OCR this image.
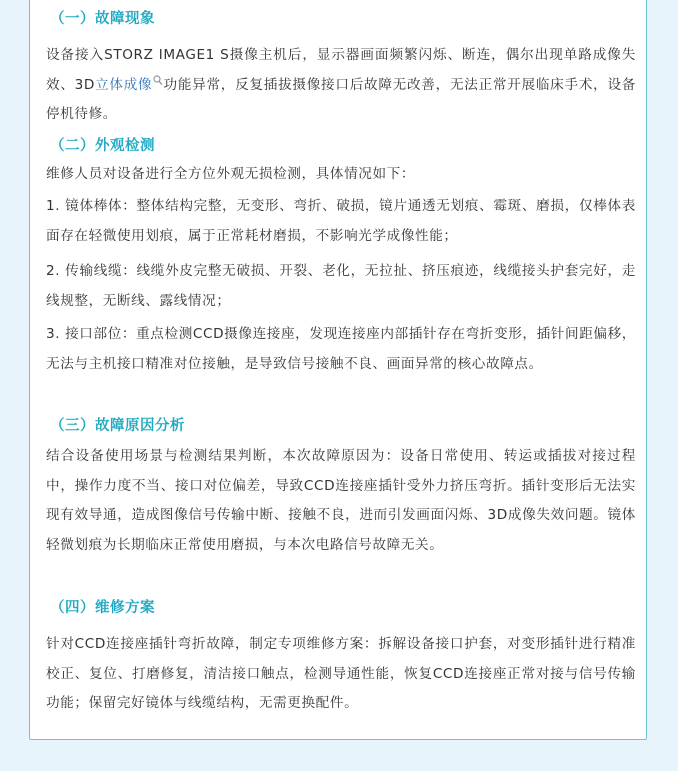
（一）故障现象

设备接入STORZ IMAGE1 S摄像主机后，显示器画面频繁闪烁、断连，偶尔出现单路成像失效、3D立体成像 功能异常，反复插拔摄像接口后故障无改善，无法正常开展临床手术，设备停机待修。

（二）外观检测

维修人员对设备进行全方位外观无损检测，具体情况如下：

1. 镜体棒体：整体结构完整，无变形、弯折、破损，镜片通透无划痕、霉斑、磨损，仅棒体表面存在轻微使用划痕，属于正常耗材磨损，不影响光学成像性能；

2. 传输线缆：线缆外皮完整无破损、开裂、老化，无拉扯、挤压痕迹，线缆接头护套完好，走线规整，无断线、露线情况；

3. 接口部位：重点检测CCD摄像连接座，发现连接座内部插针存在弯折变形，插针间距偏移，无法与主机接口精准对位接触，是导致信号接触不良、画面异常的核心故障点。

（三）故障原因分析

结合设备使用场景与检测结果判断，本次故障原因为：设备日常使用、转运或插拔对接过程中，操作力度不当、接口对位偏差，导致CCD连接座插针受外力挤压弯折。插针变形后无法实现有效导通，造成图像信号传输中断、接触不良，进而引发画面闪烁、3D成像失效问题。镜体轻微划痕为长期临床正常使用磨损，与本次电路信号故障无关。

（四）维修方案

针对CCD连接座插针弯折故障，制定专项维修方案：拆解设备接口护套，对变形插针进行精准校正、复位、打磨修复，清洁接口触点，检测导通性能，恢复CCD连接座正常对接与信号传输功能；保留完好镜体与线缆结构，无需更换配件。
